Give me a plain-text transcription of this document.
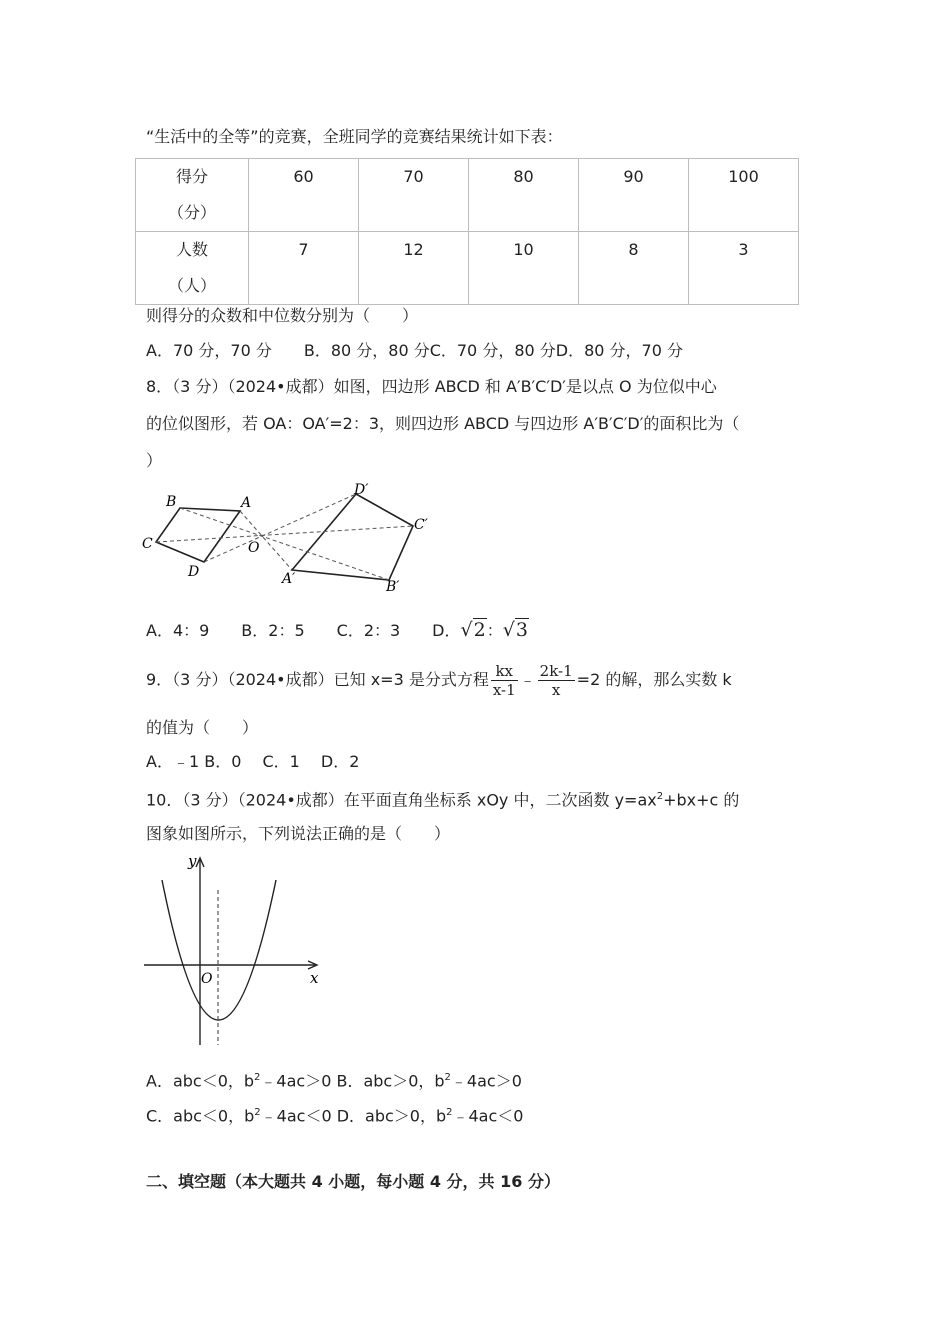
“生活中的全等”的竞赛，全班同学的竞赛结果统计如下表：
得分
（分）	60	70	80	90	100

人数
（人）	7	12	10	8	3
则得分的众数和中位数分别为（　　）
A．70 分，70 分　　B．80 分，80 分C．70 分，80 分D．80 分，70 分
8．（3 分）（2024•成都）如图，四边形 ABCD 和 A′B′C′D′是以点 O 为位似中心
的位似图形，若 OA：OA′=2：3，则四边形 ABCD 与四边形 A′B′C′D′的面积比为（
）
B	A
C
D
O
D′
C′
A′	B′
A．4：9　　B．2：5　　C．2：3　　D．√2：√3
9．（3 分）（2024•成都）已知 x=3 是分式方程 $\frac{kx}{x-1}$ ﹣ $\frac{2k-1}{x} =2$ 的解，那么实数 k
的值为（　　）
A．﹣1 B．0　 C．1　 D．2
10．（3 分）（2024•成都）在平面直角坐标系 xOy 中，二次函数 $y=ax^2+bx+c$ 的
图象如图所示，下列说法正确的是（　　）
y
x
O
A．abc＜0，$b^2﹣4ac>0$ B．abc＞0，$b^2﹣4ac>0$
C．abc＜0，$b^2﹣4ac<0$ D．abc＞0，$b^2﹣4ac<0$
二、填空题（本大题共 4 小题，每小题 4 分，共 16 分）
